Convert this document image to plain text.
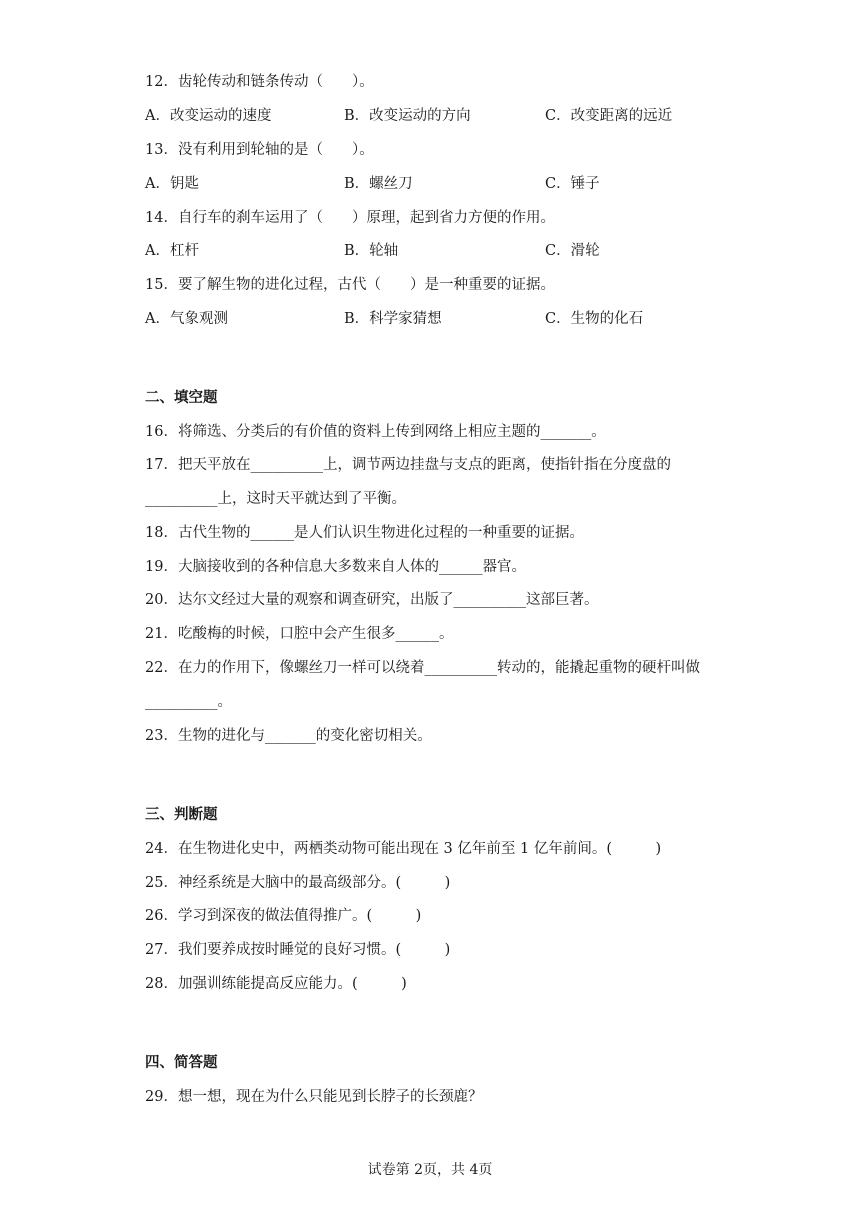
12．齿轮传动和链条传动（　　）。
A．改变运动的速度	B．改变运动的方向	C．改变距离的远近
13．没有利用到轮轴的是（　　）。
A．钥匙	B．螺丝刀	C．锤子
14．自行车的刹车运用了（　　）原理，起到省力方便的作用。
A．杠杆	B．轮轴	C．滑轮
15．要了解生物的进化过程，古代（　　）是一种重要的证据。
A．气象观测	B．科学家猜想	C．生物的化石
二、填空题
16．将筛选、分类后的有价值的资料上传到网络上相应主题的_______。
17．把天平放在__________上，调节两边挂盘与支点的距离，使指针指在分度盘的
__________上，这时天平就达到了平衡。
18．古代生物的______是人们认识生物进化过程的一种重要的证据。
19．大脑接收到的各种信息大多数来自人体的______器官。
20．达尔文经过大量的观察和调查研究，出版了__________这部巨著。
21．吃酸梅的时候，口腔中会产生很多______。
22．在力的作用下，像螺丝刀一样可以绕着__________转动的，能撬起重物的硬杆叫做
__________。
23．生物的进化与_______的变化密切相关。
三、判断题
24．在生物进化史中，两栖类动物可能出现在 3 亿年前至 1 亿年前间。(　　　)
25．神经系统是大脑中的最高级部分。(　　　)
26．学习到深夜的做法值得推广。(　　　)
27．我们要养成按时睡觉的良好习惯。(　　　)
28．加强训练能提高反应能力。(　　　)
四、简答题
29．想一想，现在为什么只能见到长脖子的长颈鹿？
试卷第 2页，共 4页
